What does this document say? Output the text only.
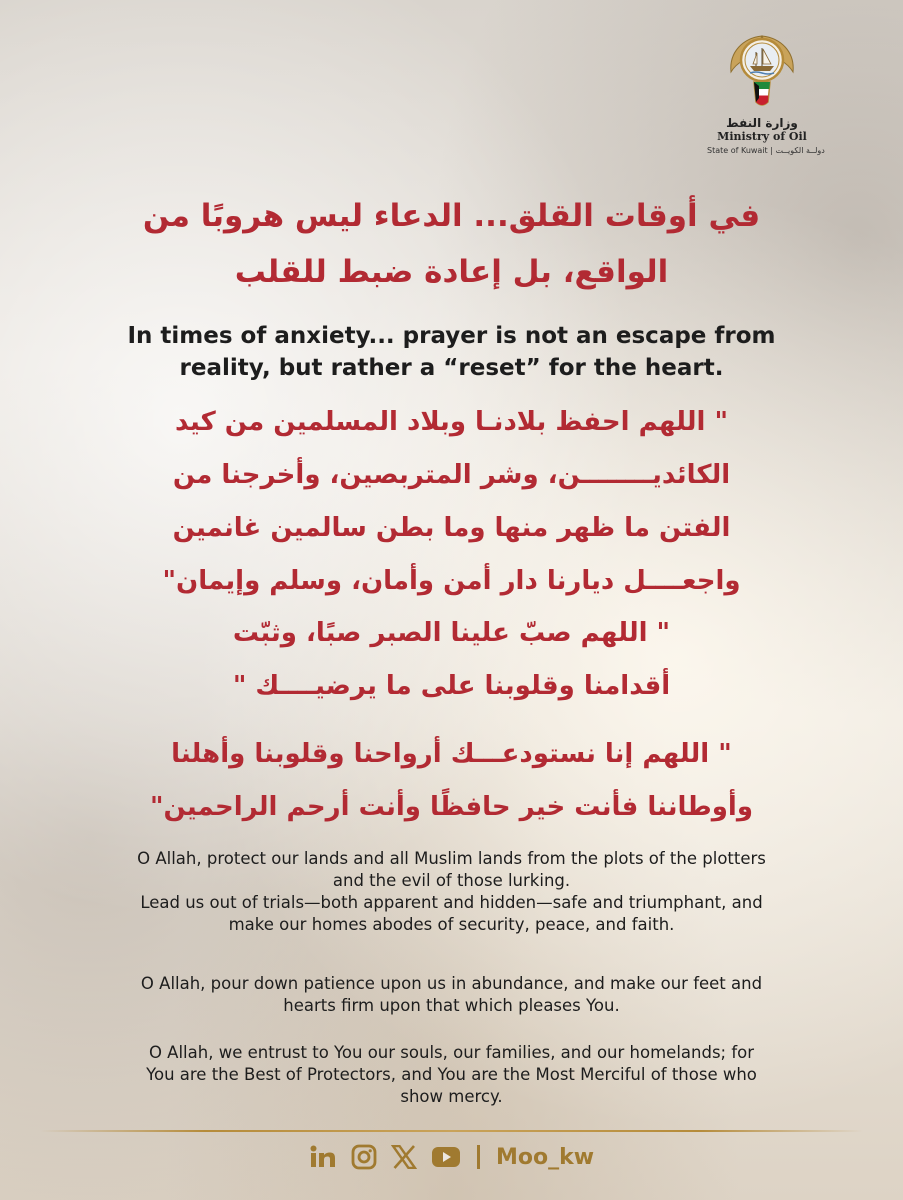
وزارة النفط
Ministry of Oil
State of Kuwait | دولــة الكويــت
في أوقات القلق... الدعاء ليس هروبًا من
الواقع، بل إعادة ضبط للقلب
In times of anxiety... prayer is not an escape from
reality, but rather a “reset” for the heart.
" اللهم احفظ بلادنـا وبلاد المسلمين من كيد
الكائديــــــــن، وشر المتربصين، وأخرجنا من
الفتن ما ظهر منها وما بطن سالمين غانمين
واجعــــل ديارنا دار أمن وأمان، وسلم وإيمان"
" اللهم صبّ علينا الصبر صبًا، وثبّت
أقدامنا وقلوبنا على ما يرضيــــك "
" اللهم إنا نستودعـــك أرواحنا وقلوبنا وأهلنا
وأوطاننا فأنت خير حافظًا وأنت أرحم الراحمين"
O Allah, protect our lands and all Muslim lands from the plots of the plotters
and the evil of those lurking.
Lead us out of trials—both apparent and hidden—safe and triumphant, and
make our homes abodes of security, peace, and faith.
O Allah, pour down patience upon us in abundance, and make our feet and
hearts firm upon that which pleases You.
O Allah, we entrust to You our souls, our families, and our homelands; for
You are the Best of Protectors, and You are the Most Merciful of those who
show mercy.
Moo_kw
